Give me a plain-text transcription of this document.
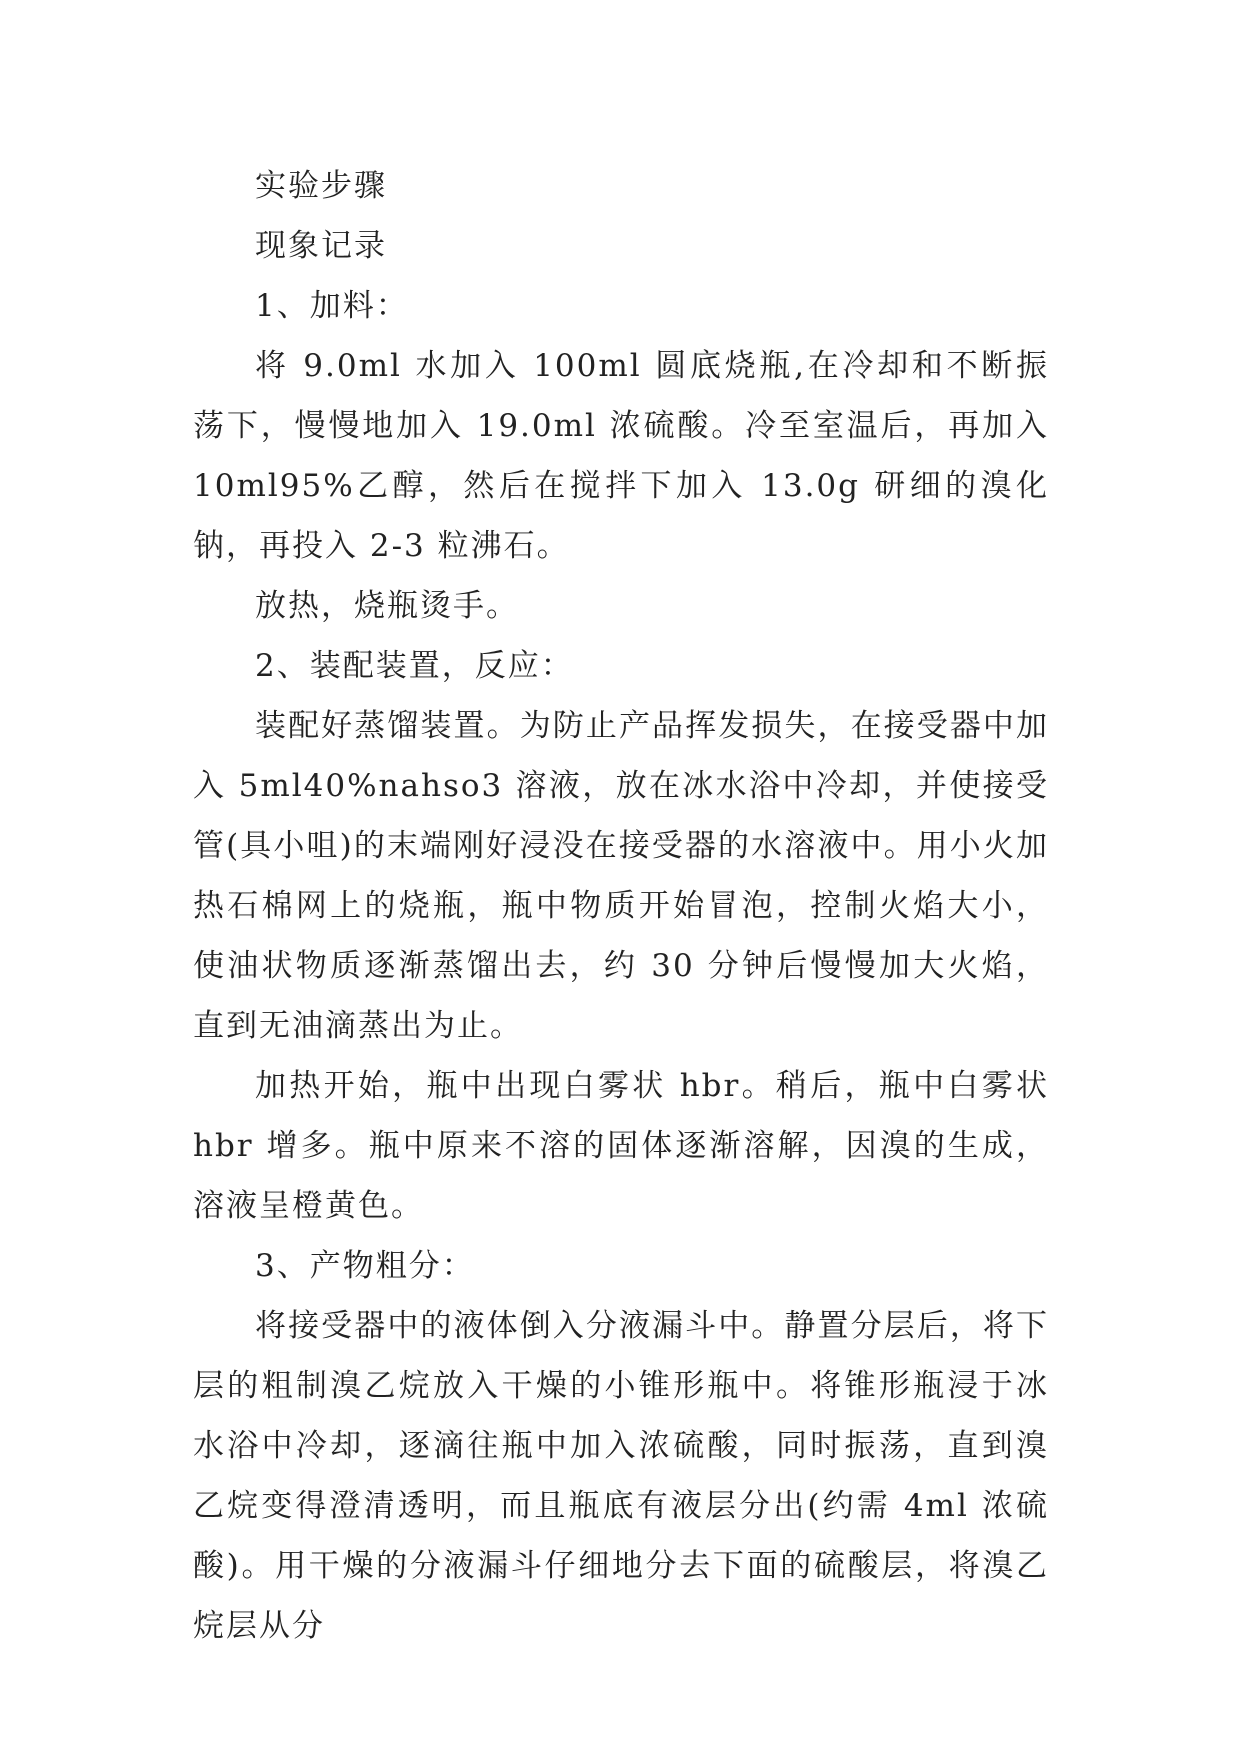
实验步骤

现象记录

1、加料：

将 9.0ml 水加入 100ml 圆底烧瓶,在冷却和不断振荡下，慢慢地加入 19.0ml 浓硫酸。冷至室温后，再加入 10ml95%乙醇，然后在搅拌下加入 13.0g 研细的溴化钠，再投入 2-3 粒沸石。

放热，烧瓶烫手。

2、装配装置，反应：

装配好蒸馏装置。为防止产品挥发损失，在接受器中加入 5ml40%nahso3 溶液，放在冰水浴中冷却，并使接受管(具小咀)的末端刚好浸没在接受器的水溶液中。用小火加热石棉网上的烧瓶，瓶中物质开始冒泡，控制火焰大小，使油状物质逐渐蒸馏出去，约 30 分钟后慢慢加大火焰，直到无油滴蒸出为止。

加热开始，瓶中出现白雾状 hbr。稍后，瓶中白雾状 hbr 增多。瓶中原来不溶的固体逐渐溶解，因溴的生成，溶液呈橙黄色。

3、产物粗分：

将接受器中的液体倒入分液漏斗中。静置分层后，将下层的粗制溴乙烷放入干燥的小锥形瓶中。将锥形瓶浸于冰水浴中冷却，逐滴往瓶中加入浓硫酸，同时振荡，直到溴乙烷变得澄清透明，而且瓶底有液层分出(约需 4ml 浓硫酸)。用干燥的分液漏斗仔细地分去下面的硫酸层，将溴乙烷层从分
